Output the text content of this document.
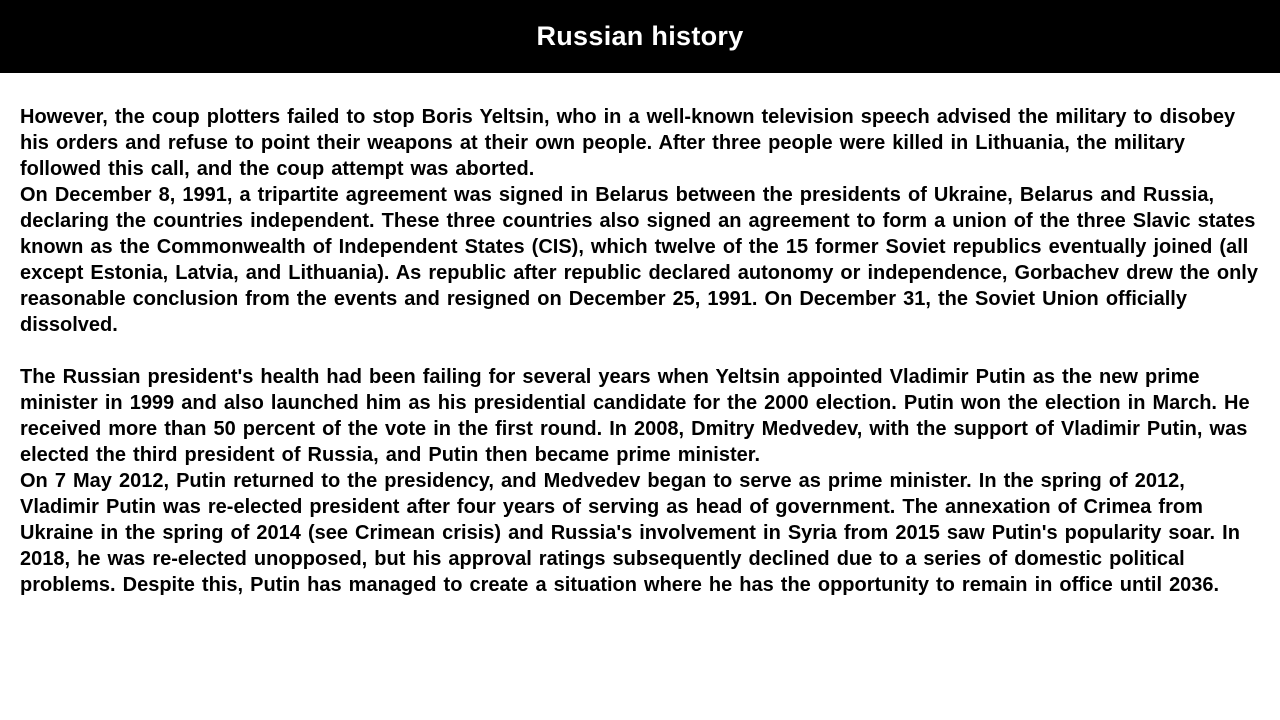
Russian history

However, the coup plotters failed to stop Boris Yeltsin, who in a well-known television speech advised the military to disobey his orders and refuse to point their weapons at their own people. After three people were killed in Lithuania, the military followed this call, and the coup attempt was aborted.

On December 8, 1991, a tripartite agreement was signed in Belarus between the presidents of Ukraine, Belarus and Russia, declaring the countries independent. These three countries also signed an agreement to form a union of the three Slavic states known as the Commonwealth of Independent States (CIS), which twelve of the 15 former Soviet republics eventually joined (all except Estonia, Latvia, and Lithuania). As republic after republic declared autonomy or independence, Gorbachev drew the only reasonable conclusion from the events and resigned on December 25, 1991. On December 31, the Soviet Union officially dissolved.

The Russian president's health had been failing for several years when Yeltsin appointed Vladimir Putin as the new prime minister in 1999 and also launched him as his presidential candidate for the 2000 election. Putin won the election in March. He received more than 50 percent of the vote in the first round. In 2008, Dmitry Medvedev, with the support of Vladimir Putin, was elected the third president of Russia, and Putin then became prime minister.

On 7 May 2012, Putin returned to the presidency, and Medvedev began to serve as prime minister. In the spring of 2012, Vladimir Putin was re-elected president after four years of serving as head of government. The annexation of Crimea from Ukraine in the spring of 2014 (see Crimean crisis) and Russia's involvement in Syria from 2015 saw Putin's popularity soar. In 2018, he was re-elected unopposed, but his approval ratings subsequently declined due to a series of domestic political problems. Despite this, Putin has managed to create a situation where he has the opportunity to remain in office until 2036.
